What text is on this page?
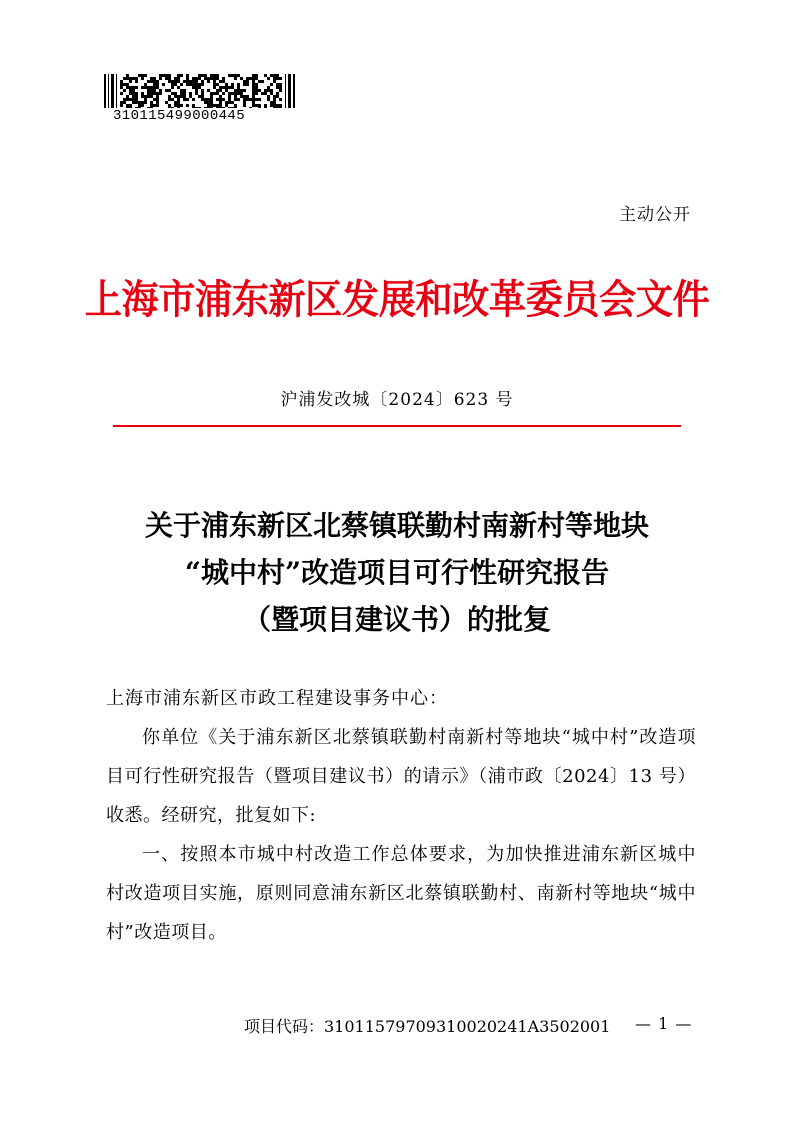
310115499000445
主动公开
上海市浦东新区发展和改革委员会文件
沪浦发改城〔2024〕623 号
关于浦东新区北蔡镇联勤村南新村等地块
“城中村”改造项目可行性研究报告
（暨项目建议书）的批复
上海市浦东新区市政工程建设事务中心：

你单位《关于浦东新区北蔡镇联勤村南新村等地块“城中村”改造项目可行性研究报告（暨项目建议书）的请示》（浦市政〔2024〕13 号）收悉。经研究，批复如下:

一、按照本市城中村改造工作总体要求，为加快推进浦东新区城中村改造项目实施，原则同意浦东新区北蔡镇联勤村、南新村等地块“城中村”改造项目。

项目代码：31011579709310020241A3502001 — 1 —
